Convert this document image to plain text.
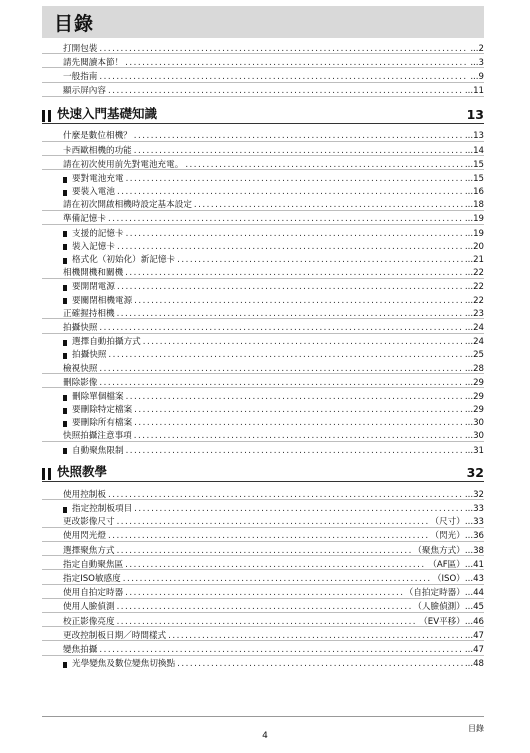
目錄
打開包裝 .....	... 2
請先閱讀本節！ .....	... 3
一般指南 .....	... 9
顯示屏內容 .....	... 11
快速入門基礎知識	13
什麼是數位相機？ .....	... 13
卡西歐相機的功能 .....	... 14
請在初次使用前先對電池充電。 .....	... 15
要對電池充電 .....	... 15
要裝入電池 .....	... 16
請在初次開啟相機時設定基本設定 .....	... 18
準備記憶卡 .....	... 19
支援的記憶卡 .....	... 19
裝入記憶卡 .....	... 20
格式化（初始化）新記憶卡 .....	... 21
相機開機和關機 .....	... 22
要開閉電源 .....	... 22
要關閉相機電源 .....	... 22
正確握持相機 .....	... 23
拍攝快照 .....	... 24
選擇自動拍攝方式 .....	... 24
拍攝快照 .....	... 25
檢視快照 .....	... 28
刪除影像 .....	... 29
刪除單個檔案 .....	... 29
要刪除特定檔案 .....	... 29
要刪除所有檔案 .....	... 30
快照拍攝注意事項 .....	... 30
自動聚焦限制 .....	... 31
快照教學	32
使用控制板 .....	... 32
指定控制板項目 .....	... 33
更改影像尺寸 .....	（尺寸） ... 33
使用閃光燈 .....	（閃光） ... 36
選擇聚焦方式 .....	（聚焦方式） ... 38
指定自動聚焦區 .....	（AF區） ... 41
指定ISO敏感度 .....	（ISO） ... 43
使用自拍定時器 .....	（自拍定時器） ... 44
使用人臉偵測 .....	（人臉偵測） ... 45
校正影像亮度 .....	（EV平移） ... 46
更改控制板日期／時間樣式 .....	... 47
變焦拍攝 .....	... 47
光學變焦及數位變焦切換點 .....	... 48
4
目錄
